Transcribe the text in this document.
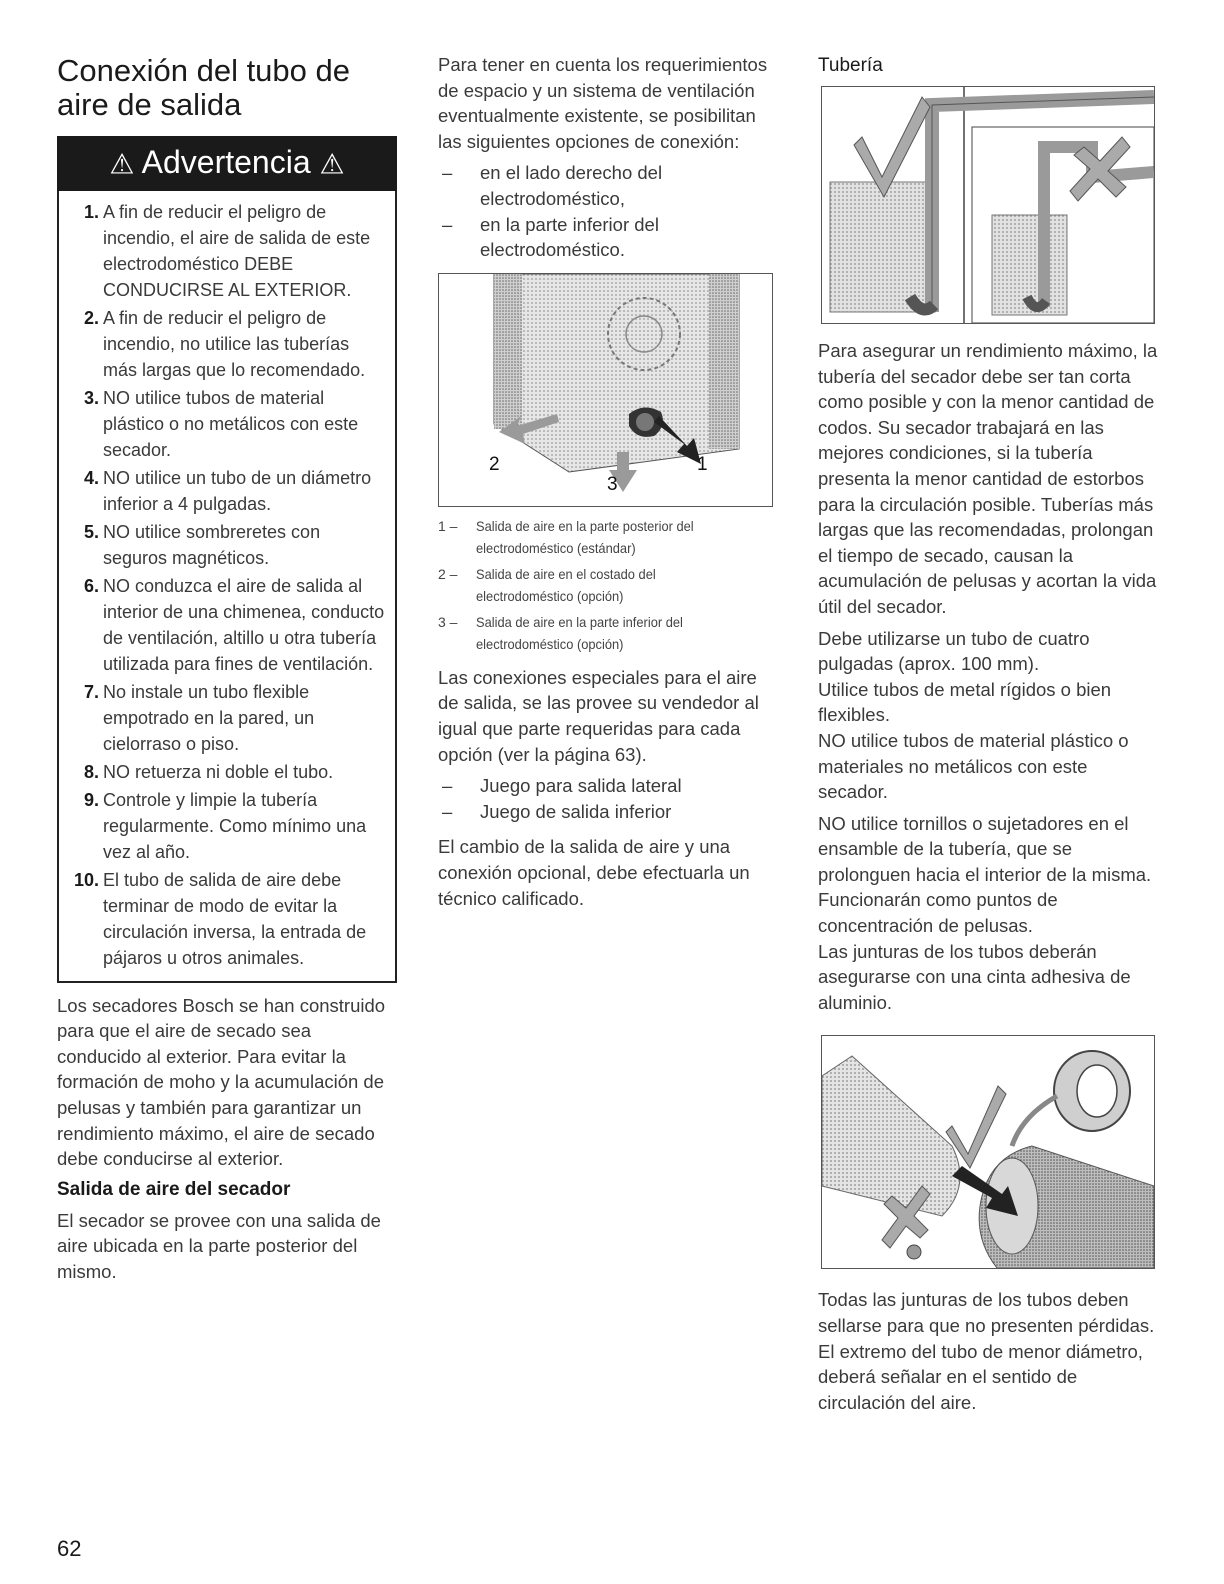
Conexión del tubo de aire de salida
⚠ Advertencia ⚠
1. A fin de reducir el peligro de incendio, el aire de salida de este electrodoméstico DEBE CONDUCIRSE AL EXTERIOR.
2. A fin de reducir el peligro de incendio, no utilice las tuberías más largas que lo recomendado.
3. NO utilice tubos de material plástico o no metálicos con este secador.
4. NO utilice un tubo de un diámetro inferior a 4 pulgadas.
5. NO utilice sombreretes con seguros magnéticos.
6. NO conduzca el aire de salida al interior de una chimenea, conducto de ventilación, altillo u otra tubería utilizada para fines de ventilación.
7. No instale un tubo flexible empotrado en la pared, un cielorraso o piso.
8. NO retuerza ni doble el tubo.
9. Controle y limpie la tubería regularmente. Como mínimo una vez al año.
10. El tubo de salida de aire debe terminar de modo de evitar la circulación inversa, la entrada de pájaros u otros animales.

Los secadores Bosch se han construido para que el aire de secado sea conducido al exterior. Para evitar la formación de moho y la acumulación de pelusas y también para garantizar un rendimiento máximo, el aire de secado debe conducirse al exterior.

Salida de aire del secador

El secador se provee con una salida de aire ubicada en la parte posterior del mismo.

Para tener en cuenta los requerimientos de espacio y un sistema de ventilación eventualmente existente, se posibilitan las siguientes opciones de conexión:

–	en el lado derecho del electrodoméstico,
–	en la parte inferior del electrodoméstico.
1
2
3
1 –	Salida de aire en la parte posterior del electrodoméstico (estándar)
2 –	Salida de aire en el costado del electrodoméstico (opción)
3 –	Salida de aire en la parte inferior del electrodoméstico (opción)

Las conexiones especiales para el aire de salida, se las provee su vendedor al igual que parte requeridas para cada opción (ver la página 63).

–	Juego para salida lateral
–	Juego de salida inferior

El cambio de la salida de aire y una conexión opcional, debe efectuarla un técnico calificado.

Tubería

Para asegurar un rendimiento máximo, la tubería del secador debe ser tan corta como posible y con la menor cantidad de codos. Su secador trabajará en las mejores condiciones, si la tubería presenta la menor cantidad de estorbos para la circulación posible. Tuberías más largas que las recomendadas, prolongan el tiempo de secado, causan la acumulación de pelusas y acortan la vida útil del secador.

Debe utilizarse un tubo de cuatro pulgadas (aprox. 100 mm).

Utilice tubos de metal rígidos o bien flexibles.

NO utilice tubos de material plástico o materiales no metálicos con este secador.

NO utilice tornillos o sujetadores en el ensamble de la tubería, que se prolonguen hacia el interior de la misma. Funcionarán como puntos de concentración de pelusas.

Las junturas de los tubos deberán asegurarse con una cinta adhesiva de aluminio.

Todas las junturas de los tubos deben sellarse para que no presenten pérdidas. El extremo del tubo de menor diámetro, deberá señalar en el sentido de circulación del aire.

62
